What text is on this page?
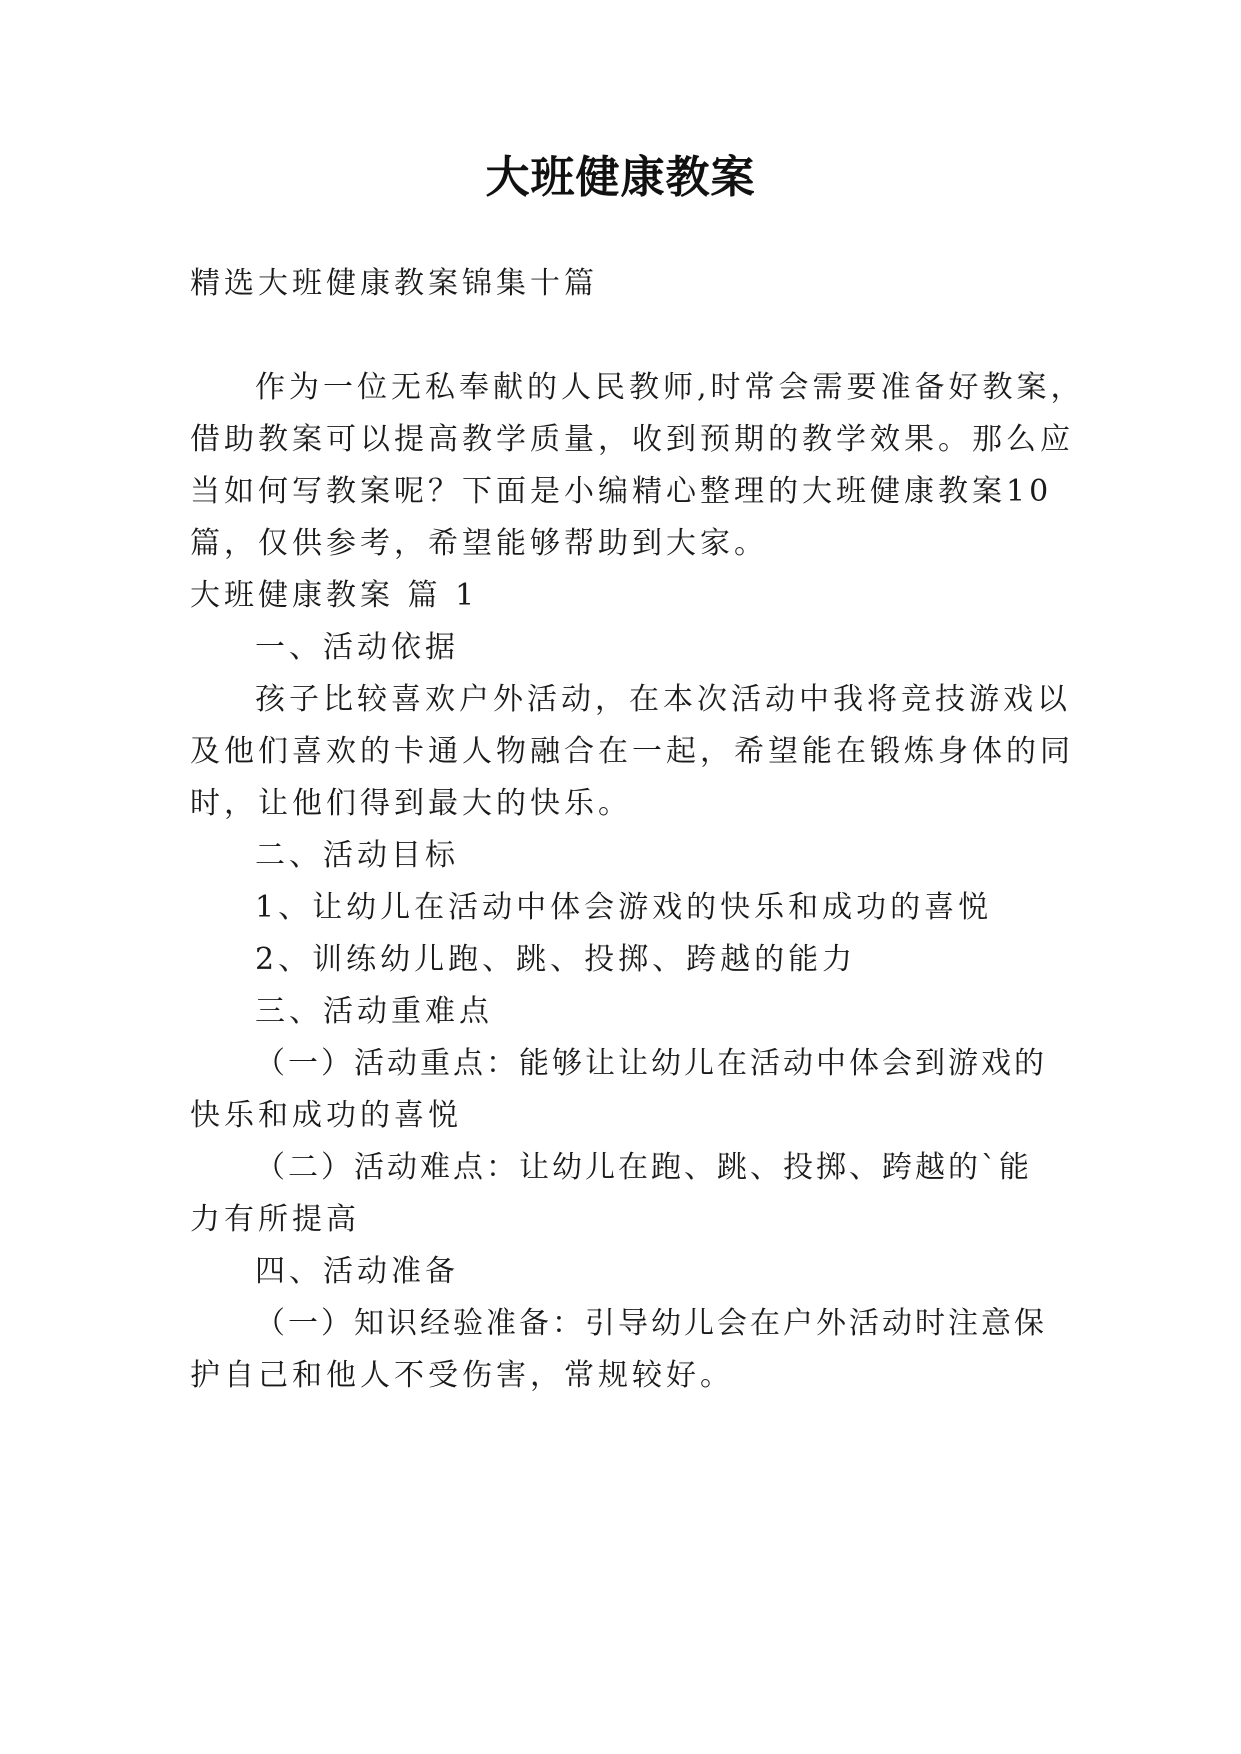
大班健康教案
精选大班健康教案锦集十篇
作为一位无私奉献的人民教师,时常会需要准备好教案，
借助教案可以提高教学质量，收到预期的教学效果。那么应
当如何写教案呢？下面是小编精心整理的大班健康教案10
篇，仅供参考，希望能够帮助到大家。
大班健康教案 篇 1
一、活动依据
孩子比较喜欢户外活动，在本次活动中我将竞技游戏以
及他们喜欢的卡通人物融合在一起，希望能在锻炼身体的同
时，让他们得到最大的快乐。
二、活动目标
1、让幼儿在活动中体会游戏的快乐和成功的喜悦
2、训练幼儿跑、跳、投掷、跨越的能力
三、活动重难点
（一）活动重点：能够让让幼儿在活动中体会到游戏的
快乐和成功的喜悦
（二）活动难点：让幼儿在跑、跳、投掷、跨越的`能
力有所提高
四、活动准备
（一）知识经验准备：引导幼儿会在户外活动时注意保
护自己和他人不受伤害，常规较好。
